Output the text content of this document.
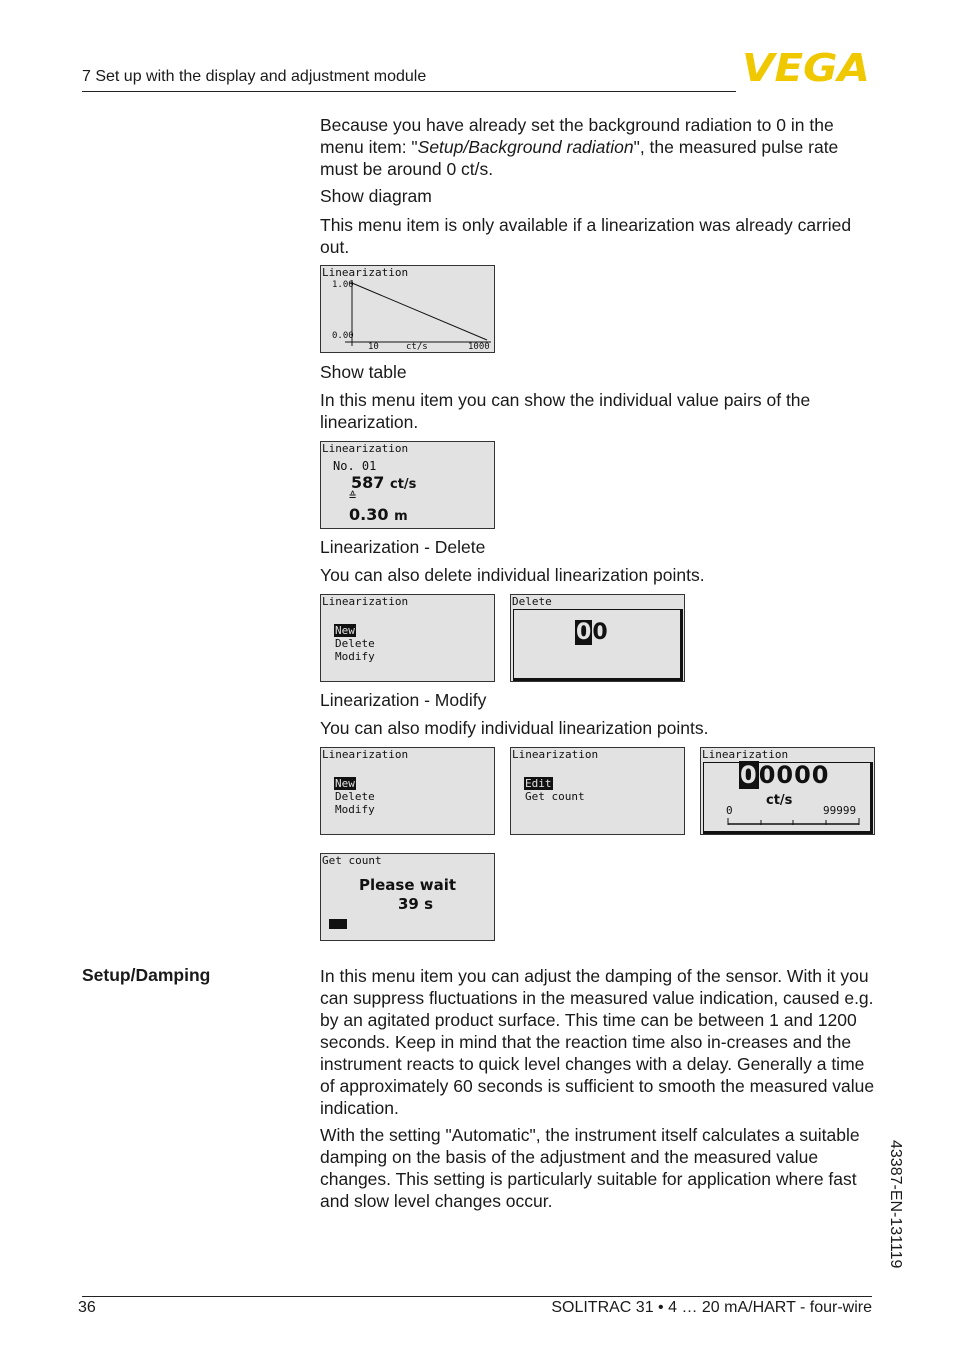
7 Set up with the display and adjustment module	VEGA
Because you have already set the background radiation to 0 in the menu item: "Setup/Background radiation", the measured pulse rate must be around 0 ct/s.
Show diagram
This menu item is only available if a linearization was already carried out.
Linearization
1.00
0.00
10	ct/s	1000
Show table
In this menu item you can show the individual value pairs of the linearization.
Linearization
No. 01
587 ct/s
≙
0.30 m
Linearization - Delete
You can also delete individual linearization points.
Linearization
New
Delete
Modify
Delete
00
Linearization - Modify
You can also modify individual linearization points.
Linearization
New
Delete
Modify
Linearization
Edit
Get count
Linearization
00000
ct/s
0	99999
Get count
Please wait
39 s
Setup/Damping	In this menu item you can adjust the damping of the sensor. With it you can suppress fluctuations in the measured value indication, caused e.g. by an agitated product surface. This time can be between 1 and 1200 seconds. Keep in mind that the reaction time also in-creases and the instrument reacts to quick level changes with a delay. Generally a time of approximately 60 seconds is sufficient to smooth the measured value indication.
With the setting "Automatic", the instrument itself calculates a suitable damping on the basis of the adjustment and the measured value changes. This setting is particularly suitable for application where fast and slow level changes occur.	43387-EN-131119
36	SOLITRAC 31 • 4 … 20 mA/HART - four-wire
